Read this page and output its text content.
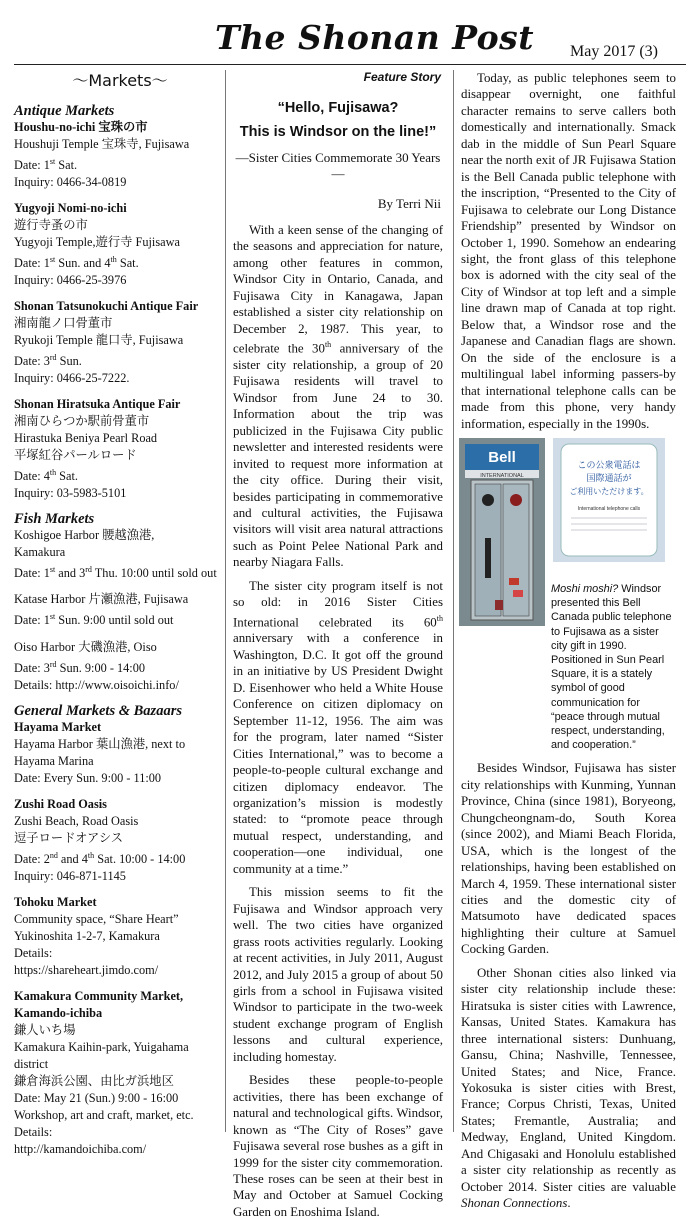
The Shonan Post May 2017 (3)
〜Markets〜
Antique Markets
Houshu-no-ichi 宝珠の市
Houshuji Temple 宝珠寺, Fujisawa
Date: 1st Sat.
Inquiry: 0466-34-0819
Yugyoji Nomi-no-ichi
遊行寺蚤の市
Yugyoji Temple,遊行寺 Fujisawa
Date: 1st Sun. and 4th Sat.
Inquiry: 0466-25-3976
Shonan Tatsunokuchi Antique Fair
湘南龍ノ口骨董市
Ryukoji Temple 龍口寺, Fujisawa
Date: 3rd Sun.
Inquiry: 0466-25-7222.
Shonan Hiratsuka Antique Fair
湘南ひらつか駅前骨董市
Hirastuka Beniya Pearl Road
平塚紅谷パールロード
Date: 4th Sat.
Inquiry: 03-5983-5101
Fish Markets
Koshigoe Harbor 腰越漁港,
Kamakura
Date: 1st and 3rd Thu. 10:00 until sold out
Katase Harbor 片瀬漁港, Fujisawa
Date: 1st Sun. 9:00 until sold out
Oiso Harbor 大磯漁港, Oiso
Date: 3rd Sun. 9:00 - 14:00
Details: http://www.oisoichi.info/
General Markets & Bazaars
Hayama Market
Hayama Harbor 葉山漁港, next to Hayama Marina
Date: Every Sun. 9:00 - 11:00
Zushi Road Oasis
Zushi Beach, Road Oasis
逗子ロードオアシス
Date: 2nd and 4th Sat. 10:00 - 14:00
Inquiry: 046-871-1145
Tohoku Market
Community space, “Share Heart”
Yukinoshita 1-2-7, Kamakura
Details:
https://shareheart.jimdo.com/
Kamakura Community Market, Kamando-ichiba
鎌人いち場
Kamakura Kaihin-park, Yuigahama district
鎌倉海浜公園、由比ガ浜地区
Date: May 21 (Sun.) 9:00 - 16:00
Workshop, art and craft, market, etc.
Details:
http://kamandoichiba.com/
Feature Story
“Hello, Fujisawa?
This is Windsor on the line!”
—Sister Cities Commemorate 30 Years—
By Terri Nii

With a keen sense of the changing of the seasons and appreciation for nature, among other features in common, Windsor City in Ontario, Canada, and Fujisawa City in Kanagawa, Japan established a sister city relationship on December 2, 1987. This year, to celebrate the 30th anniversary of the sister city relationship, a group of 20 Fujisawa residents will travel to Windsor from June 24 to 30. Information about the trip was publicized in the Fujisawa City public newsletter and interested residents were invited to request more information at the city office. During their visit, besides participating in commemorative and cultural activities, the Fujisawa visitors will visit area natural attractions such as Point Pelee National Park and nearby Niagara Falls.

The sister city program itself is not so old: in 2016 Sister Cities International celebrated its 60th anniversary with a conference in Washington, D.C. It got off the ground in an initiative by US President Dwight D. Eisenhower who held a White House Conference on citizen diplomacy on September 11-12, 1956. The aim was for the program, later named “Sister Cities International,” was to become a people-to-people cultural exchange and citizen diplomacy endeavor. The organization’s mission is modestly stated: to “promote peace through mutual respect, understanding, and cooperation—one individual, one community at a time.”

This mission seems to fit the Fujisawa and Windsor approach very well. The two cities have organized grass roots activities regularly. Looking at recent activities, in July 2011, August 2012, and July 2015 a group of about 50 girls from a school in Fujisawa visited Windsor to participate in the two-week student exchange program of English lessons and cultural experience, including homestay.

Besides these people-to-people activities, there has been exchange of natural and technological gifts. Windsor, known as “The City of Roses” gave Fujisawa several rose bushes as a gift in 1999 for the sister city commemoration. These roses can be seen at their best in May and October at Samuel Cocking Garden on Enoshima Island.

Today, as public telephones seem to disappear overnight, one faithful character remains to serve callers both domestically and internationally. Smack dab in the middle of Sun Pearl Square near the north exit of JR Fujisawa Station is the Bell Canada public telephone with the inscription, “Presented to the City of Fujisawa to celebrate our Long Distance Friendship” presented by Windsor on October 1, 1990. Somehow an endearing sight, the front glass of this telephone box is adorned with the city seal of the City of Windsor at top left and a simple line drawn map of Canada at top right. Below that, a Windsor rose and the Japanese and Canadian flags are shown. On the side of the enclosure is a multilingual label informing passers-by that international telephone calls can be made from this phone, very handy information, especially in the 1990s.

Bell
INTERNATIONAL
この公衆電話は
国際通話が
ご利用いただけます。
International telephone calls
Moshi moshi? Windsor presented this Bell Canada public telephone to Fujisawa as a sister city gift in 1990. Positioned in Sun Pearl Square, it is a stately symbol of good communication for “peace through mutual respect, understanding, and cooperation.”

Besides Windsor, Fujisawa has sister city relationships with Kunming, Yunnan Province, China (since 1981), Boryeong, Chungcheongnam-do, South Korea (since 2002), and Miami Beach Florida, USA, which is the longest of the relationships, having been established on March 4, 1959. These international sister cities and the domestic city of Matsumoto have dedicated spaces highlighting their culture at Samuel Cocking Garden.

Other Shonan cities also linked via sister city relationship include these: Hiratsuka is sister cities with Lawrence, Kansas, United States. Kamakura has three international sisters: Dunhuang, Gansu, China; Nashville, Tennessee, United States; and Nice, France. Yokosuka is sister cities with Brest, France; Corpus Christi, Texas, United States; Fremantle, Australia; and Medway, England, United Kingdom. And Chigasaki and Honolulu established a sister city relationship as recently as October 2014. Sister cities are valuable Shonan Connections.
